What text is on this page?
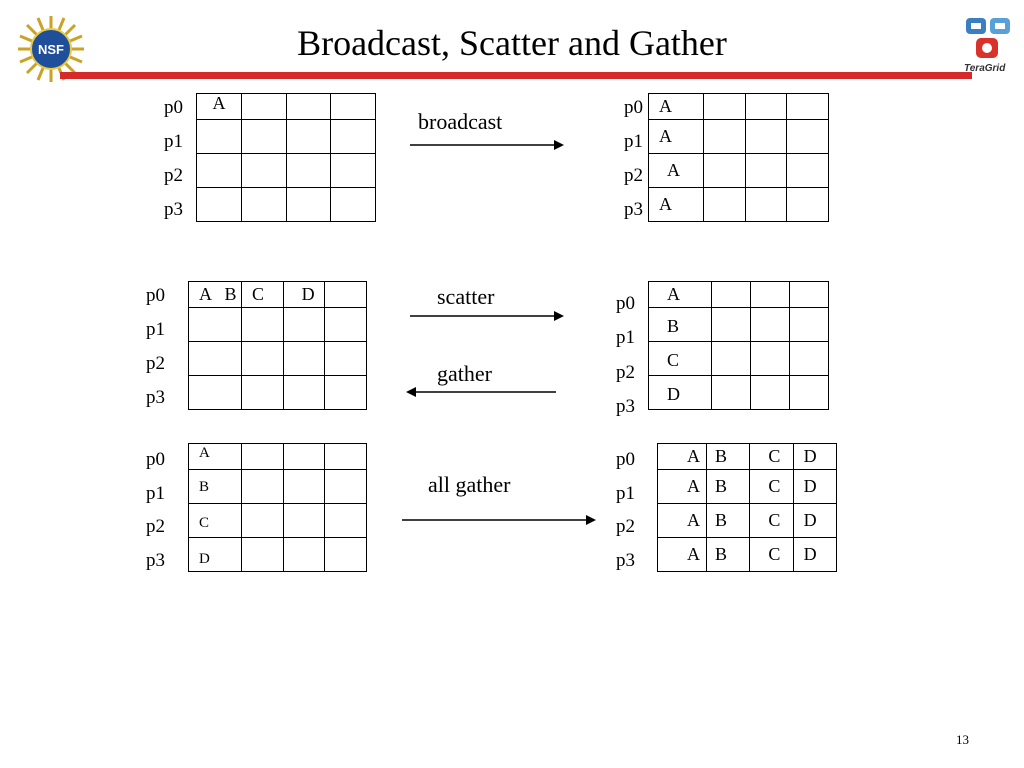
Broadcast, Scatter and Gather
NSF
TeraGrid
p0
p1
p2
p3
A			

broadcast
p0
p1
p2
p3
A			
A			
A			
A			
p0
p1
p2
p3
A   B	C	D	

				scatter
gather
p0
p1
p2
p3
A			
B			
C			
D			
p0
p1
p2
p3
A			
B			
C			
D			
all gather
p0
p1
p2
p3
A	B	C	D
A	B	C	D
A	B	C	D
A	B	C	D
13
